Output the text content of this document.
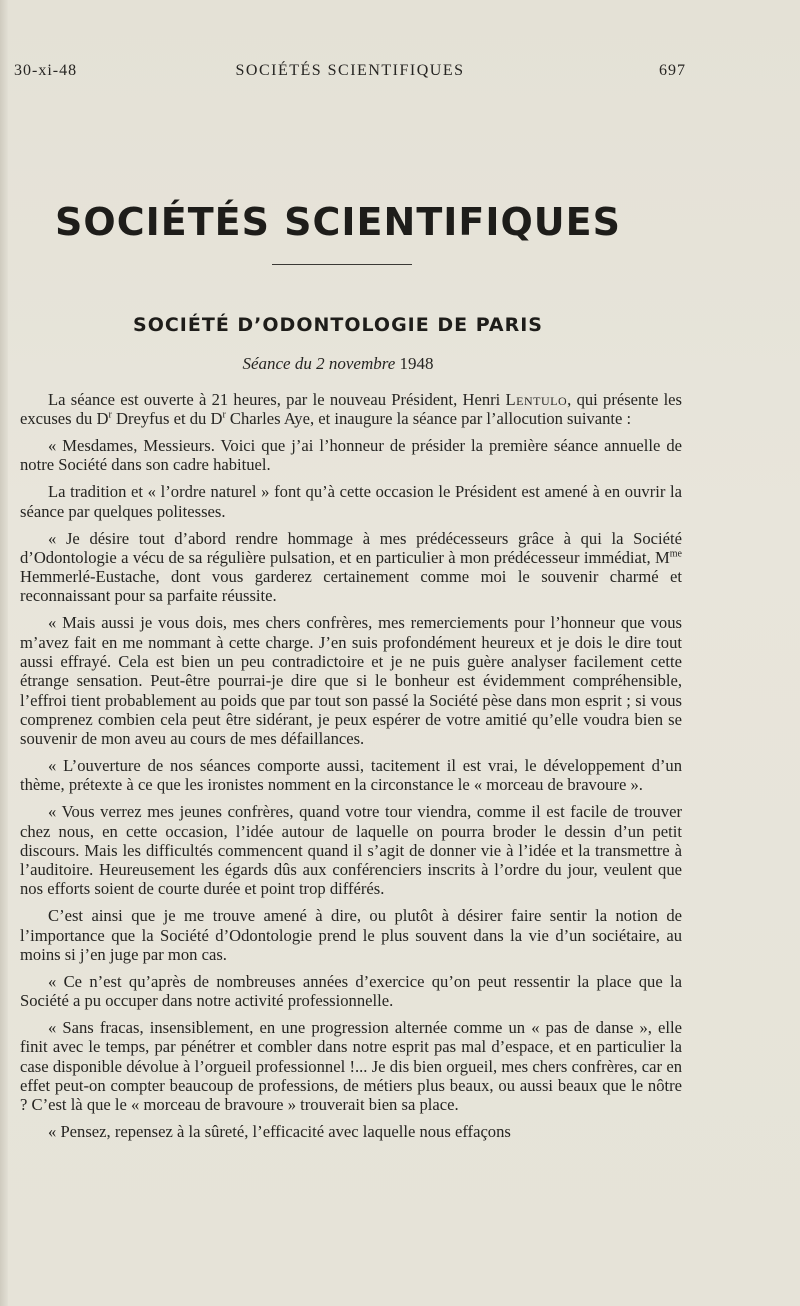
SOCIÉTÉS SCIENTIFIQUES
30-xi-48	697
SOCIÉTÉS SCIENTIFIQUES
SOCIÉTÉ D’ODONTOLOGIE DE PARIS
Séance du 2 novembre 1948

La séance est ouverte à 21 heures, par le nouveau Président, Henri Lentulo, qui présente les excuses du $D^r$ Dreyfus et du $D^r$ Charles Aye, et inaugure la séance par l’allocution suivante :

« Mesdames, Messieurs. Voici que j’ai l’honneur de présider la première séance annuelle de notre Société dans son cadre habituel.

La tradition et « l’ordre naturel » font qu’à cette occasion le Président est amené à en ouvrir la séance par quelques politesses.

« Je désire tout d’abord rendre hommage à mes prédécesseurs grâce à qui la Société d’Odontologie a vécu de sa régulière pulsation, et en particulier à mon prédécesseur immédiat, $M^{me}$ Hemmerlé-Eustache, dont vous garderez certainement comme moi le souvenir charmé et reconnaissant pour sa parfaite réussite.

« Mais aussi je vous dois, mes chers confrères, mes remerciements pour l’honneur que vous m’avez fait en me nommant à cette charge. J’en suis profondément heureux et je dois le dire tout aussi effrayé. Cela est bien un peu contradictoire et je ne puis guère analyser facilement cette étrange sensation. Peut-être pourrai-je dire que si le bonheur est évidemment compréhensible, l’effroi tient probablement au poids que par tout son passé la Société pèse dans mon esprit ; si vous comprenez combien cela peut être sidérant, je peux espérer de votre amitié qu’elle voudra bien se souvenir de mon aveu au cours de mes défaillances.

« L’ouverture de nos séances comporte aussi, tacitement il est vrai, le développement d’un thème, prétexte à ce que les ironistes nomment en la circonstance le « morceau de bravoure ».

« Vous verrez mes jeunes confrères, quand votre tour viendra, comme il est facile de trouver chez nous, en cette occasion, l’idée autour de laquelle on pourra broder le dessin d’un petit discours. Mais les difficultés commencent quand il s’agit de donner vie à l’idée et la transmettre à l’auditoire. Heureusement les égards dûs aux conférenciers inscrits à l’ordre du jour, veulent que nos efforts soient de courte durée et point trop différés.

C’est ainsi que je me trouve amené à dire, ou plutôt à désirer faire sentir la notion de l’importance que la Société d’Odontologie prend le plus souvent dans la vie d’un sociétaire, au moins si j’en juge par mon cas.

« Ce n’est qu’après de nombreuses années d’exercice qu’on peut ressentir la place que la Société a pu occuper dans notre activité professionnelle.

« Sans fracas, insensiblement, en une progression alternée comme un « pas de danse », elle finit avec le temps, par pénétrer et combler dans notre esprit pas mal d’espace, et en particulier la case disponible dévolue à l’orgueil professionnel !... Je dis bien orgueil, mes chers confrères, car en effet peut-on compter beaucoup de professions, de métiers plus beaux, ou aussi beaux que le nôtre ? C’est là que le « morceau de bravoure » trouverait bien sa place.

« Pensez, repensez à la sûreté, l’efficacité avec laquelle nous effaçons
